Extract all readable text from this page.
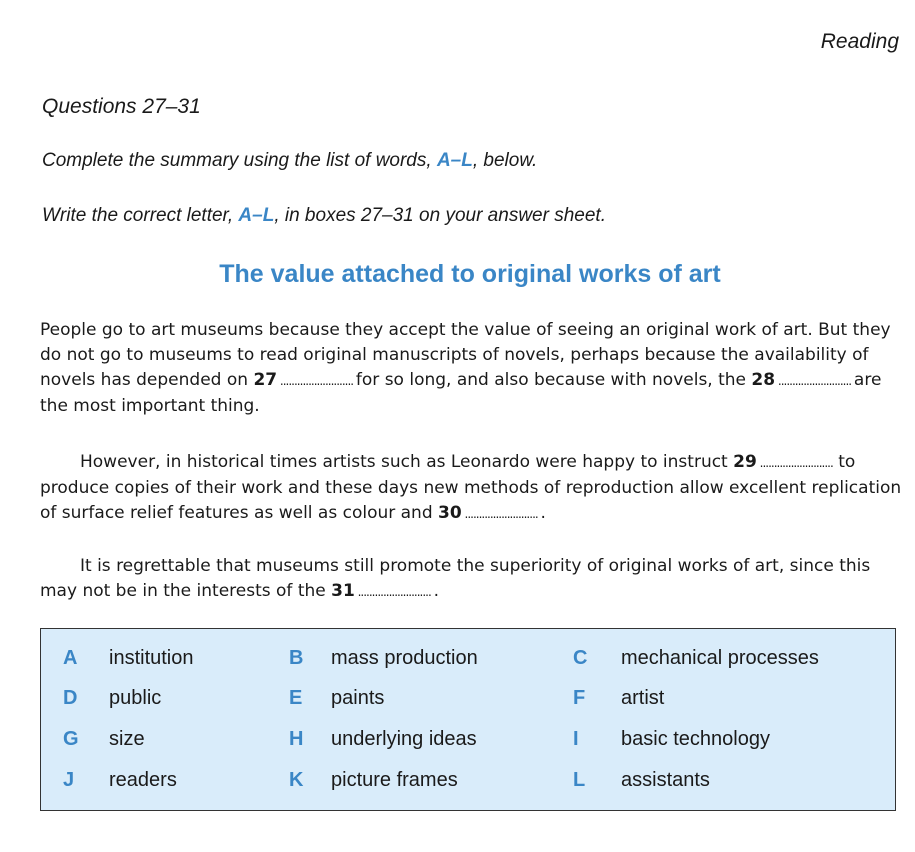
Reading
Questions 27–31
Complete the summary using the list of words, A–L, below.
Write the correct letter, A–L, in boxes 27–31 on your answer sheet.
The value attached to original works of art
People go to art museums because they accept the value of seeing an original work of art. But they do not go to museums to read original manuscripts of novels, perhaps because the availability of novels has depended on 27 .......................... for so long, and also because with novels, the 28 .......................... are the most important thing.
However, in historical times artists such as Leonardo were happy to instruct 29 .......................... to produce copies of their work and these days new methods of reproduction allow excellent replication of surface relief features as well as colour and 30 .......................... .
It is regrettable that museums still promote the superiority of original works of art, since this may not be in the interests of the 31 .......................... .
A institution	B mass production	C mechanical processes
D public	E paints	F artist
G size	H underlying ideas	I basic technology
J readers	K picture frames	L assistants
